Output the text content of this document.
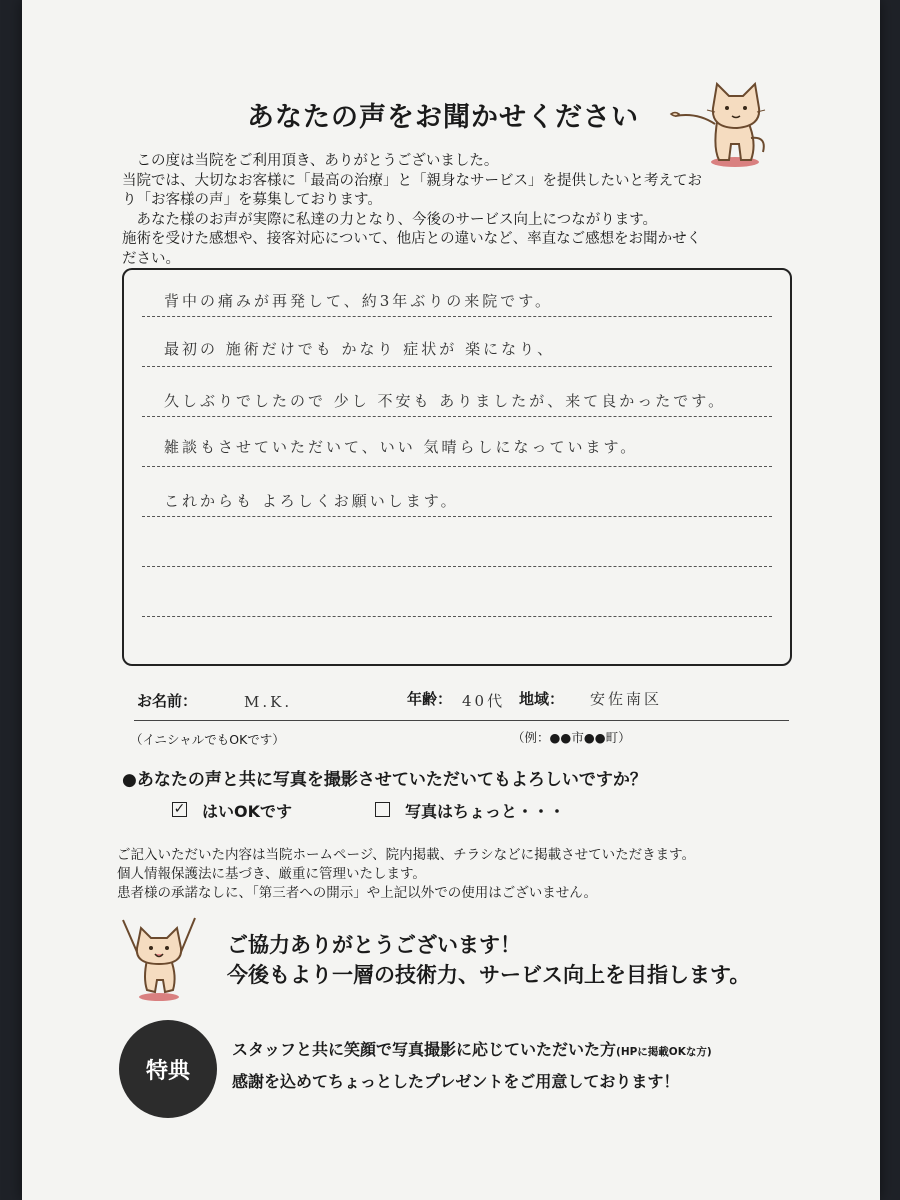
あなたの声をお聞かせください
　この度は当院をご利用頂き、ありがとうございました。
当院では、大切なお客様に「最高の治療」と「親身なサービス」を提供したいと考えてお
り「お客様の声」を募集しております。
　あなた様のお声が実際に私達の力となり、今後のサービス向上につながります。
施術を受けた感想や、接客対応について、他店との違いなど、率直なご感想をお聞かせく
ださい。
背中の痛みが再発して、約3年ぶりの来院です。
最初の 施術だけでも かなり 症状が 楽になり、
久しぶりでしたので 少し 不安も ありましたが、来て良かったです。
雑談もさせていただいて、いい 気晴らしになっています。
これからも よろしくお願いします。
お名前：	M.K.	年齢： 40代 地域： 安佐南区
（イニシャルでもOKです）	（例：●●市●●町）
●あなたの声と共に写真を撮影させていただいてもよろしいですか？
✓ はいOKです	写真はちょっと・・・
ご記入いただいた内容は当院ホームページ、院内掲載、チラシなどに掲載させていただきます。
個人情報保護法に基づき、厳重に管理いたします。
患者様の承諾なしに、「第三者への開示」や上記以外での使用はございません。
ご協力ありがとうございます！
今後もより一層の技術力、サービス向上を目指します。
特典
スタッフと共に笑顔で写真撮影に応じていただいた方(HPに掲載OKな方)
感謝を込めてちょっとしたプレゼントをご用意しております！
